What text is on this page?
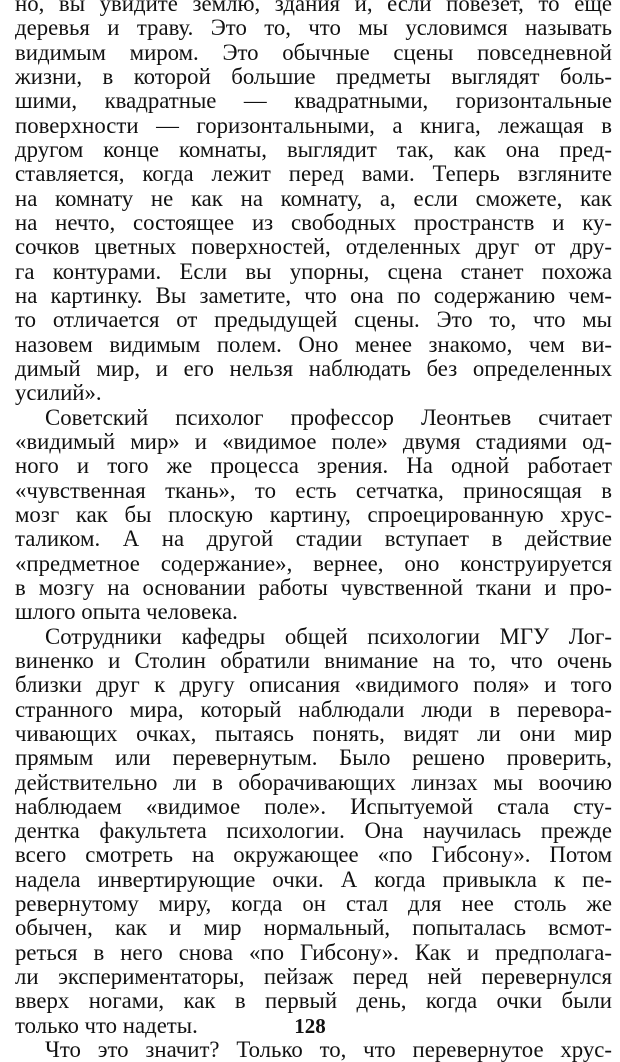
но, вы увидите землю, здания и, если повезет, то еще
деревья и траву. Это то, что мы условимся называть
видимым миром. Это обычные сцены повседневной
жизни, в которой большие предметы выглядят боль-
шими, квадратные — квадратными, горизонтальные
поверхности — горизонтальными, а книга, лежащая в
другом конце комнаты, выглядит так, как она пред-
ставляется, когда лежит перед вами. Теперь взгляните
на комнату не как на комнату, а, если сможете, как
на нечто, состоящее из свободных пространств и ку-
сочков цветных поверхностей, отделенных друг от дру-
га контурами. Если вы упорны, сцена станет похожа
на картинку. Вы заметите, что она по содержанию чем-
то отличается от предыдущей сцены. Это то, что мы
назовем видимым полем. Оно менее знакомо, чем ви-
димый мир, и его нельзя наблюдать без определенных
усилий».
Советский психолог профессор Леонтьев считает
«видимый мир» и «видимое поле» двумя стадиями од-
ного и того же процесса зрения. На одной работает
«чувственная ткань», то есть сетчатка, приносящая в
мозг как бы плоскую картину, спроецированную хрус-
таликом. А на другой стадии вступает в действие
«предметное содержание», вернее, оно конструируется
в мозгу на основании работы чувственной ткани и про-
шлого опыта человека.
Сотрудники кафедры общей психологии МГУ Лог-
виненко и Столин обратили внимание на то, что очень
близки друг к другу описания «видимого поля» и того
странного мира, который наблюдали люди в перевора-
чивающих очках, пытаясь понять, видят ли они мир
прямым или перевернутым. Было решено проверить,
действительно ли в оборачивающих линзах мы воочию
наблюдаем «видимое поле». Испытуемой стала сту-
дентка факультета психологии. Она научилась прежде
всего смотреть на окружающее «по Гибсону». Потом
надела инвертирующие очки. А когда привыкла к пе-
ревернутому миру, когда он стал для нее столь же
обычен, как и мир нормальный, попыталась всмот-
реться в него снова «по Гибсону». Как и предполага-
ли экспериментаторы, пейзаж перед ней перевернулся
вверх ногами, как в первый день, когда очки были
только что надеты.
Что это значит? Только то, что перевернутое хрус-
128
